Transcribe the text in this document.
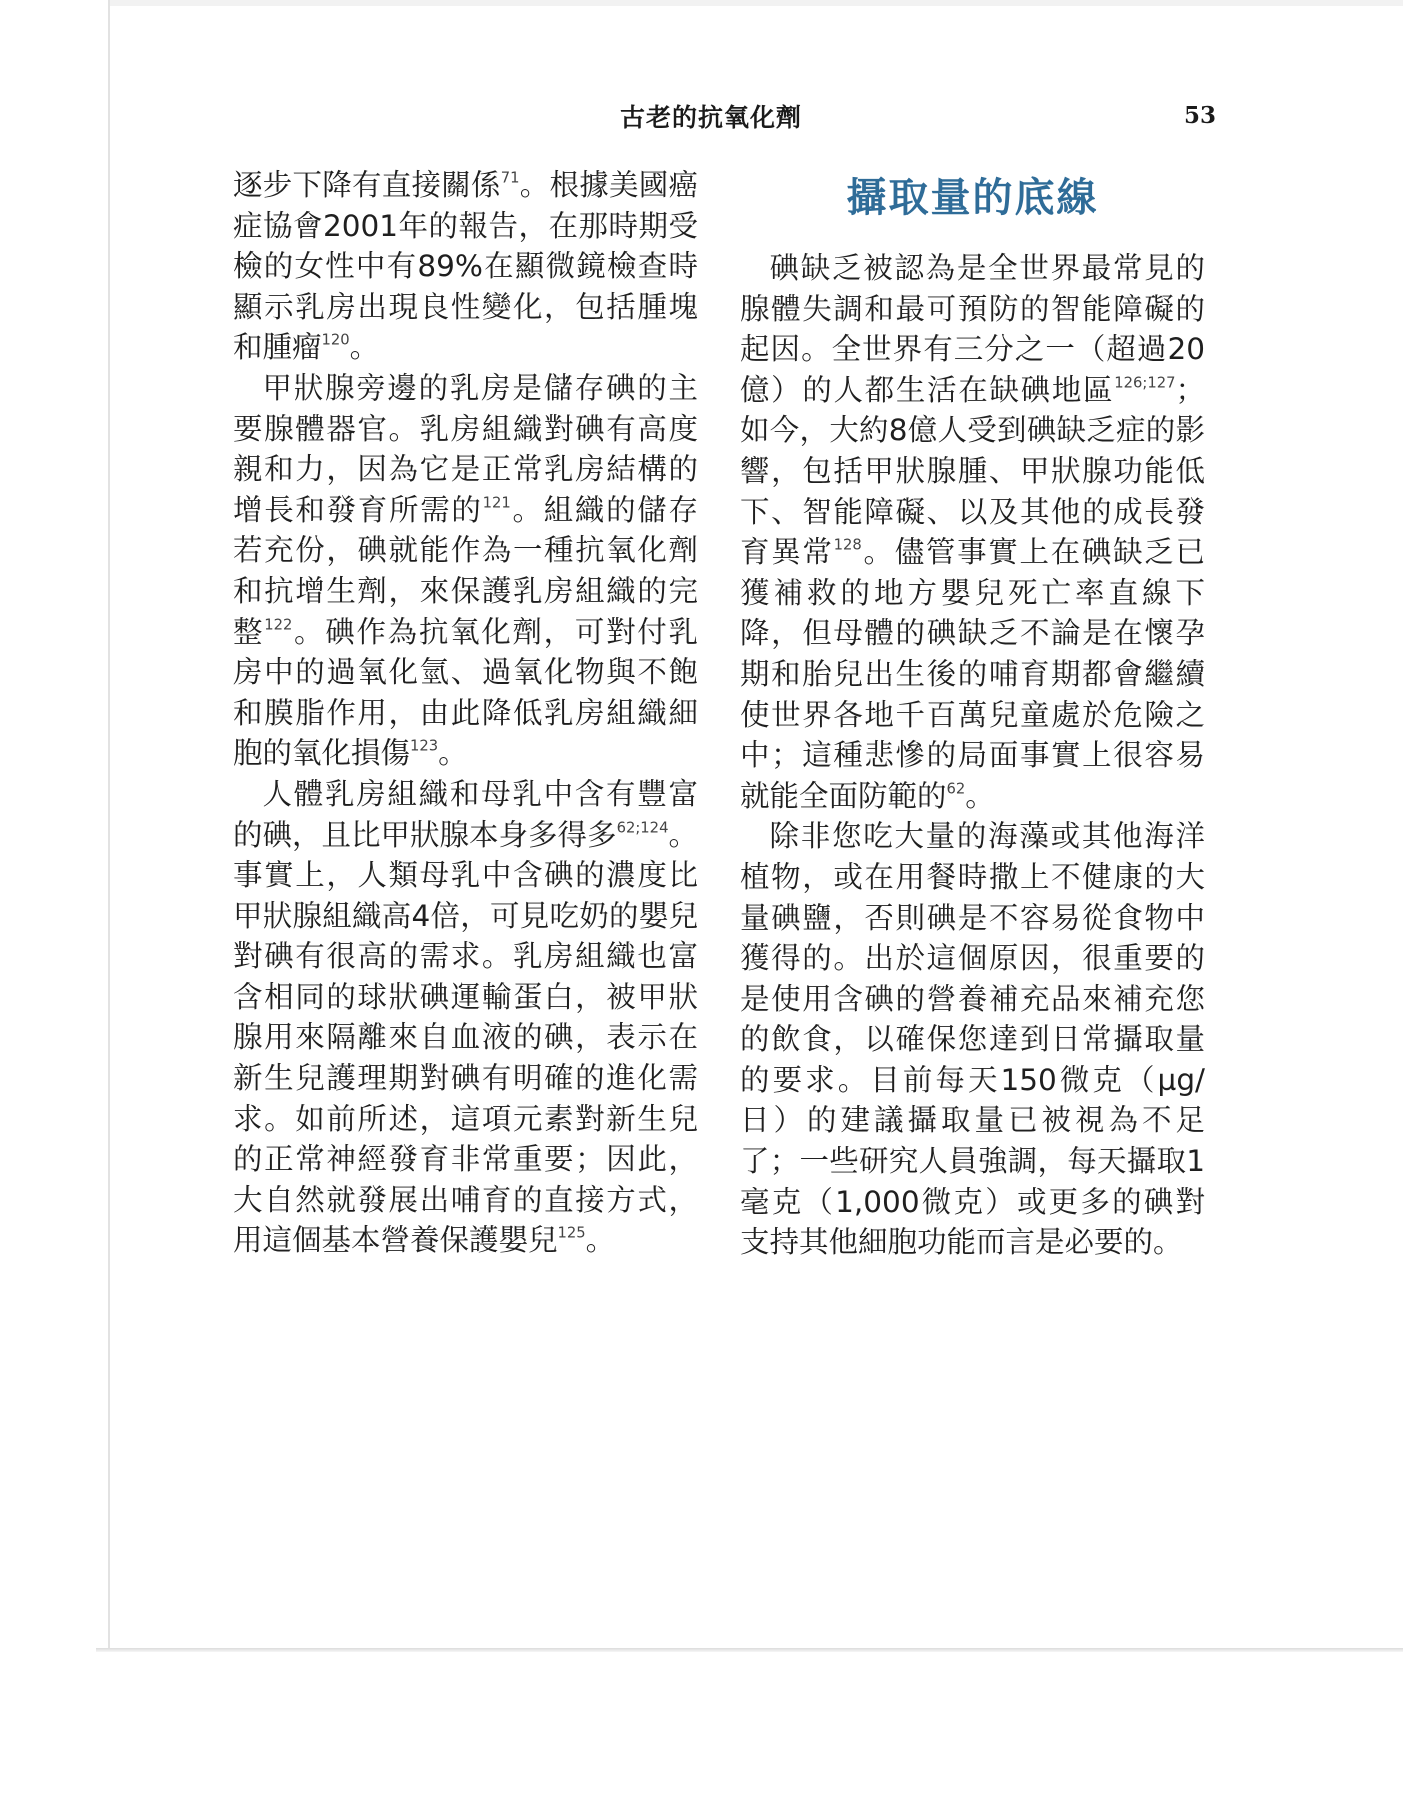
古老的抗氧化劑	53

逐步下降有直接關係$^{71}$。根據美國癌症協會2001年的報告，在那時期受檢的女性中有89%在顯微鏡檢查時顯示乳房出現良性變化，包括腫塊和腫瘤$^{120}$。

甲狀腺旁邊的乳房是儲存碘的主要腺體器官。乳房組織對碘有高度親和力，因為它是正常乳房結構的增長和發育所需的$^{121}$。組織的儲存若充份，碘就能作為一種抗氧化劑和抗增生劑，來保護乳房組織的完整$^{122}$。碘作為抗氧化劑，可對付乳房中的過氧化氫、過氧化物與不飽和膜脂作用，由此降低乳房組織細胞的氧化損傷$^{123}$。

人體乳房組織和母乳中含有豐富的碘，且比甲狀腺本身多得多$^{62;124}$。事實上，人類母乳中含碘的濃度比甲狀腺組織高4倍，可見吃奶的嬰兒對碘有很高的需求。乳房組織也富含相同的球狀碘運輸蛋白，被甲狀腺用來隔離來自血液的碘，表示在新生兒護理期對碘有明確的進化需求。如前所述，這項元素對新生兒的正常神經發育非常重要；因此，大自然就發展出哺育的直接方式，用這個基本營養保護嬰兒$^{125}$。

攝取量的底線

碘缺乏被認為是全世界最常見的腺體失調和最可預防的智能障礙的起因。全世界有三分之一（超過20億）的人都生活在缺碘地區$^{126;127}$；如今，大約8億人受到碘缺乏症的影響，包括甲狀腺腫、甲狀腺功能低下、智能障礙、以及其他的成長發育異常$^{128}$。儘管事實上在碘缺乏已獲補救的地方嬰兒死亡率直線下降，但母體的碘缺乏不論是在懷孕期和胎兒出生後的哺育期都會繼續使世界各地千百萬兒童處於危險之中；這種悲慘的局面事實上很容易就能全面防範的$^{62}$。

除非您吃大量的海藻或其他海洋植物，或在用餐時撒上不健康的大量碘鹽，否則碘是不容易從食物中獲得的。出於這個原因，很重要的是使用含碘的營養補充品來補充您的飲食，以確保您達到日常攝取量的要求。目前每天150微克（µg/日）的建議攝取量已被視為不足了；一些研究人員強調，每天攝取1毫克（1,000微克）或更多的碘對支持其他細胞功能而言是必要的。
